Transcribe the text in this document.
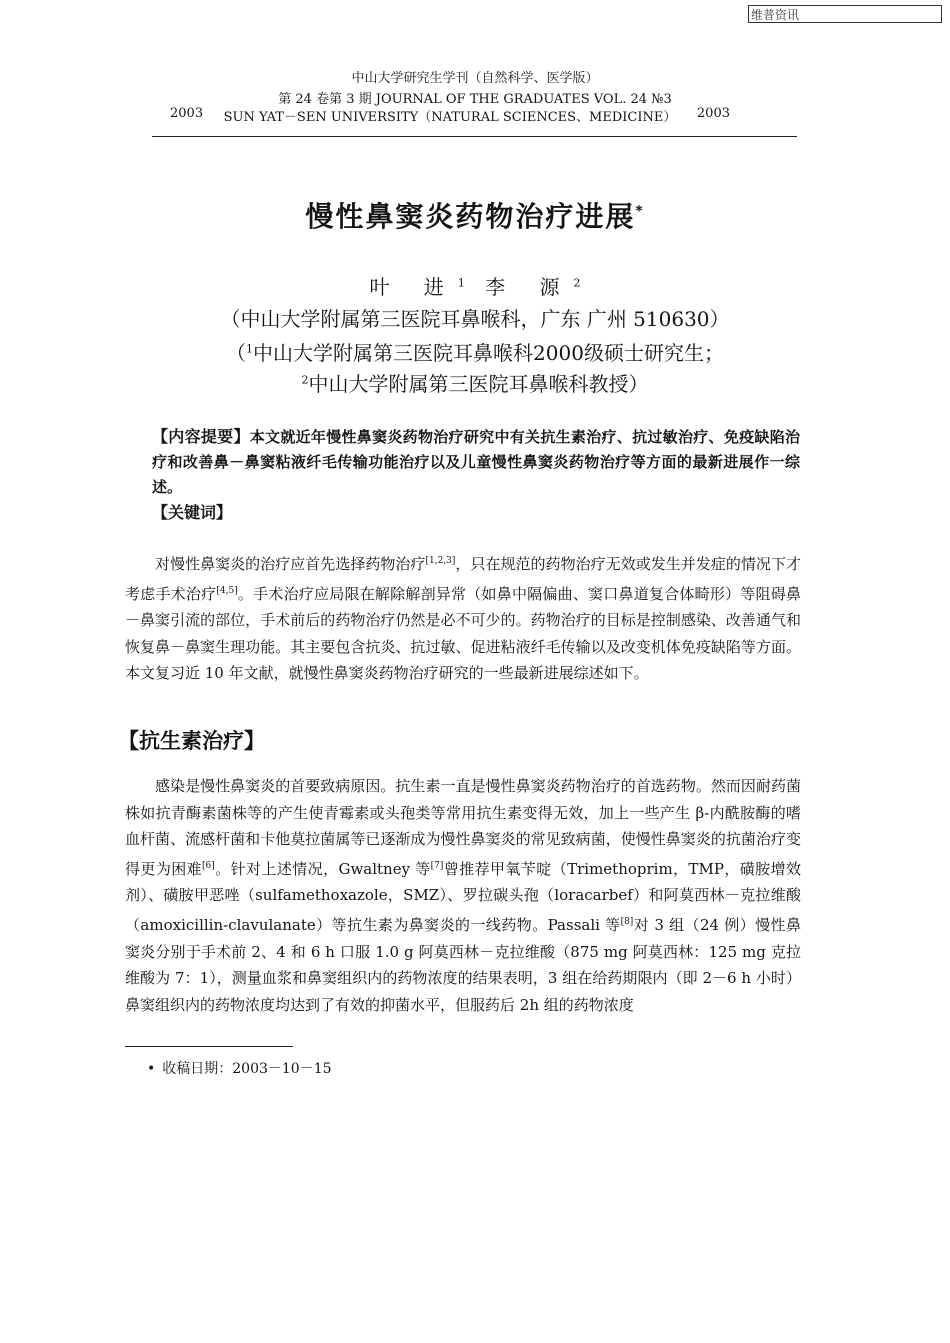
维普资讯
中山大学研究生学刊（自然科学、医学版）
第 24 卷第 3 期 JOURNAL OF THE GRADUATES VOL. 24 №3
2003 SUN YAT－SEN UNIVERSITY（NATURAL SCIENCES、MEDICINE） 2003
慢性鼻窦炎药物治疗进展*
叶 进$^1$ 李 源$^2$
（中山大学附属第三医院耳鼻喉科，广东 广州 510630）
（$^1$中山大学附属第三医院耳鼻喉科2000级硕士研究生；
$^2$中山大学附属第三医院耳鼻喉科教授）
【内容提要】本文就近年慢性鼻窦炎药物治疗研究中有关抗生素治疗、抗过敏治疗、免疫缺陷治疗和改善鼻－鼻窦粘液纤毛传输功能治疗以及儿童慢性鼻窦炎药物治疗等方面的最新进展作一综述。
【关键词】
  对慢性鼻窦炎的治疗应首先选择药物治疗[1,2,3]，只在规范的药物治疗无效或发生并发症的情况下才考虑手术治疗[4,5]。手术治疗应局限在解除解剖异常（如鼻中隔偏曲、窦口鼻道复合体畸形）等阻碍鼻－鼻窦引流的部位，手术前后的药物治疗仍然是必不可少的。药物治疗的目标是控制感染、改善通气和恢复鼻－鼻窦生理功能。其主要包含抗炎、抗过敏、促进粘液纤毛传输以及改变机体免疫缺陷等方面。本文复习近 10 年文献，就慢性鼻窦炎药物治疗研究的一些最新进展综述如下。
【抗生素治疗】
  感染是慢性鼻窦炎的首要致病原因。抗生素一直是慢性鼻窦炎药物治疗的首选药物。然而因耐药菌株如抗青酶素菌株等的产生使青霉素或头孢类等常用抗生素变得无效，加上一些产生 β-内酰胺酶的嗜血杆菌、流感杆菌和卡他莫拉菌属等已逐渐成为慢性鼻窦炎的常见致病菌，使慢性鼻窦炎的抗菌治疗变得更为困难[6]。针对上述情况，Gwaltney 等[7]曾推荐甲氧苄啶（Trimethoprim，TMP，磺胺增效剂）、磺胺甲恶唑（sulfamethoxazole，SMZ）、罗拉碳头孢（loracarbef）和阿莫西林－克拉维酸（amoxicillin-clavulanate）等抗生素为鼻窦炎的一线药物。Passali 等[8]对 3 组（24 例）慢性鼻窦炎分别于手术前 2、4 和 6 h 口服 1.0 g 阿莫西林－克拉维酸（875 mg 阿莫西林：125 mg 克拉维酸为 7：1），测量血浆和鼻窦组织内的药物浓度的结果表明，3 组在给药期限内（即 2－6 h 小时）鼻窦组织内的药物浓度均达到了有效的抑菌水平，但服药后 2h 组的药物浓度
•  收稿日期：2003－10－15
